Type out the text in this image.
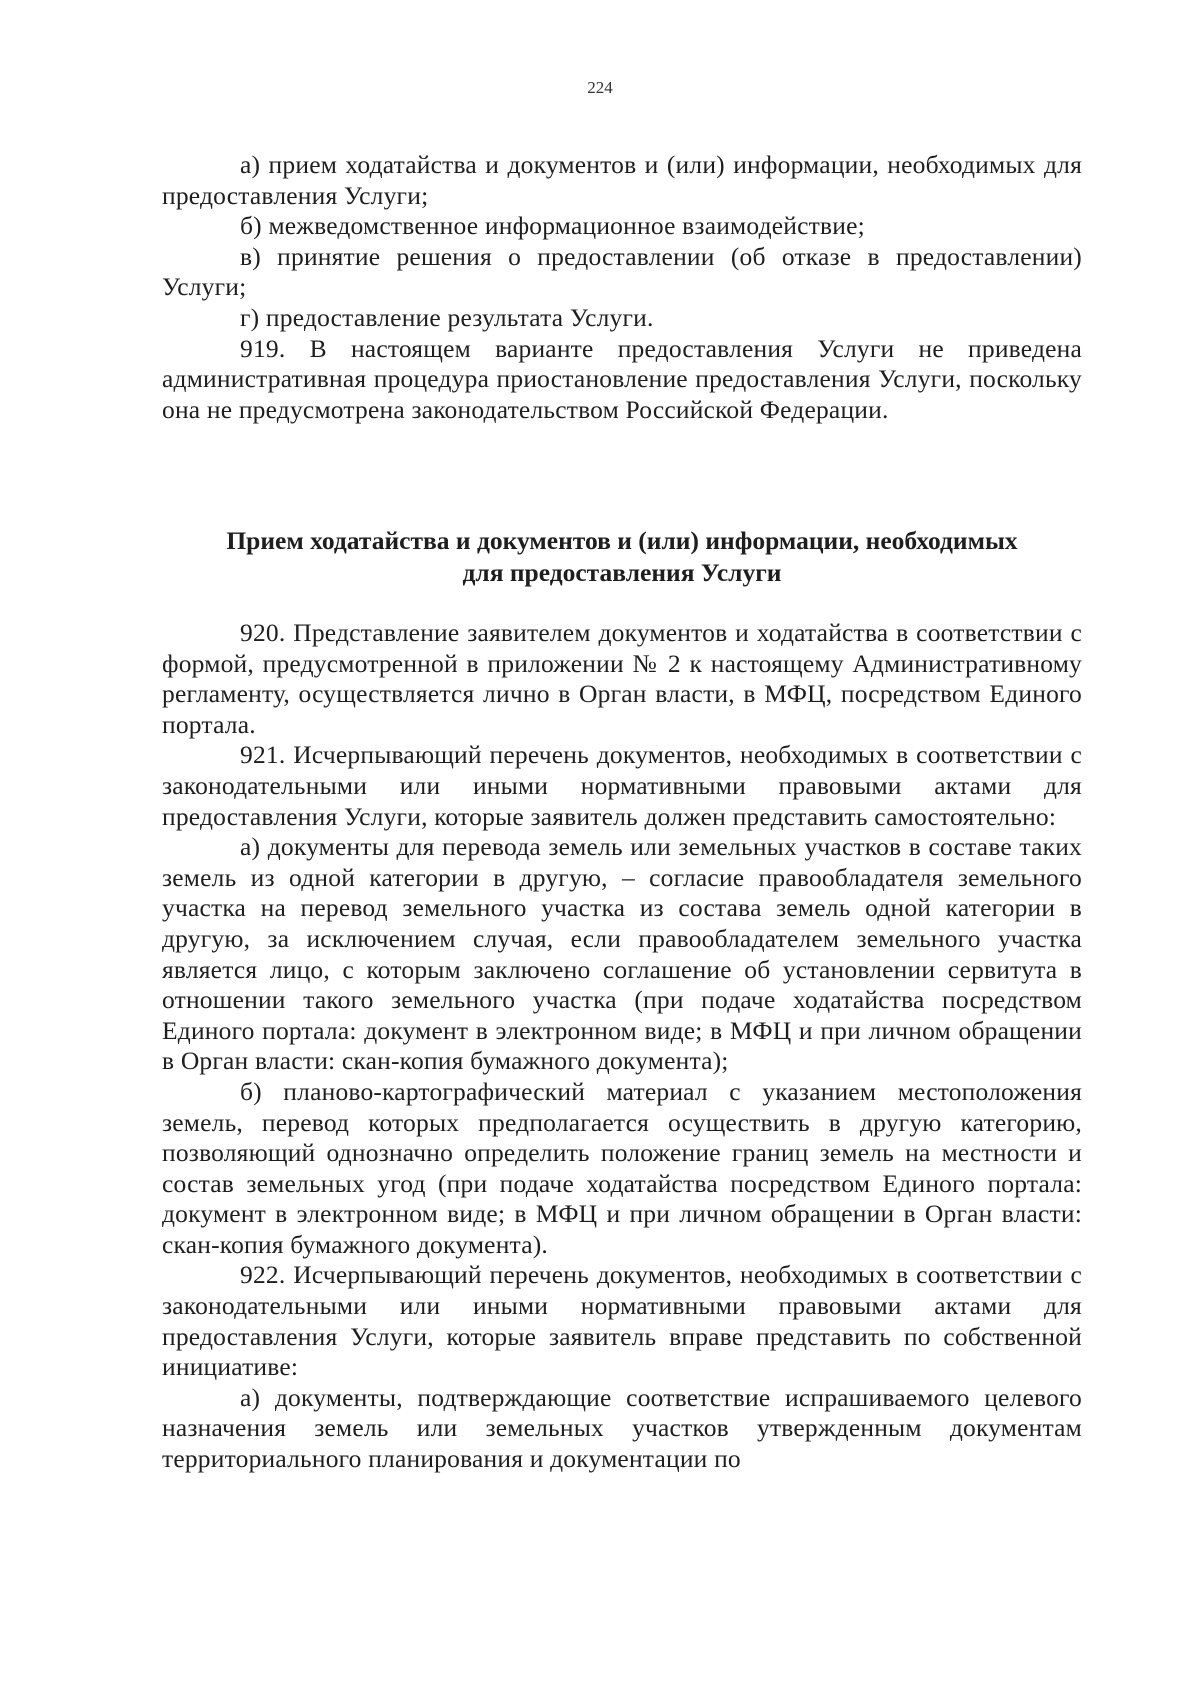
224

а) прием ходатайства и документов и (или) информации, необходимых для предоставления Услуги;

б) межведомственное информационное взаимодействие;

в) принятие решения о предоставлении (об отказе в предоставлении) Услуги;

г) предоставление результата Услуги.

919. В настоящем варианте предоставления Услуги не приведена административная процедура приостановление предоставления Услуги, поскольку она не предусмотрена законодательством Российской Федерации.

Прием ходатайства и документов и (или) информации, необходимых
для предоставления Услуги

920. Представление заявителем документов и ходатайства в соответствии с формой, предусмотренной в приложении № 2 к настоящему Административному регламенту, осуществляется лично в Орган власти, в МФЦ, посредством Единого портала.

921. Исчерпывающий перечень документов, необходимых в соответствии с законодательными или иными нормативными правовыми актами для предоставления Услуги, которые заявитель должен представить самостоятельно:

а) документы для перевода земель или земельных участков в составе таких земель из одной категории в другую, – согласие правообладателя земельного участка на перевод земельного участка из состава земель одной категории в другую, за исключением случая, если правообладателем земельного участка является лицо, с которым заключено соглашение об установлении сервитута в отношении такого земельного участка (при подаче ходатайства посредством Единого портала: документ в электронном виде; в МФЦ и при личном обращении в Орган власти: скан-копия бумажного документа);

б) планово-картографический материал с указанием местоположения земель, перевод которых предполагается осуществить в другую категорию, позволяющий однозначно определить положение границ земель на местности и состав земельных угод (при подаче ходатайства посредством Единого портала: документ в электронном виде; в МФЦ и при личном обращении в Орган власти: скан-копия бумажного документа).

922. Исчерпывающий перечень документов, необходимых в соответствии с законодательными или иными нормативными правовыми актами для предоставления Услуги, которые заявитель вправе представить по собственной инициативе:

а) документы, подтверждающие соответствие испрашиваемого целевого назначения земель или земельных участков утвержденным документам территориального планирования и документации по
